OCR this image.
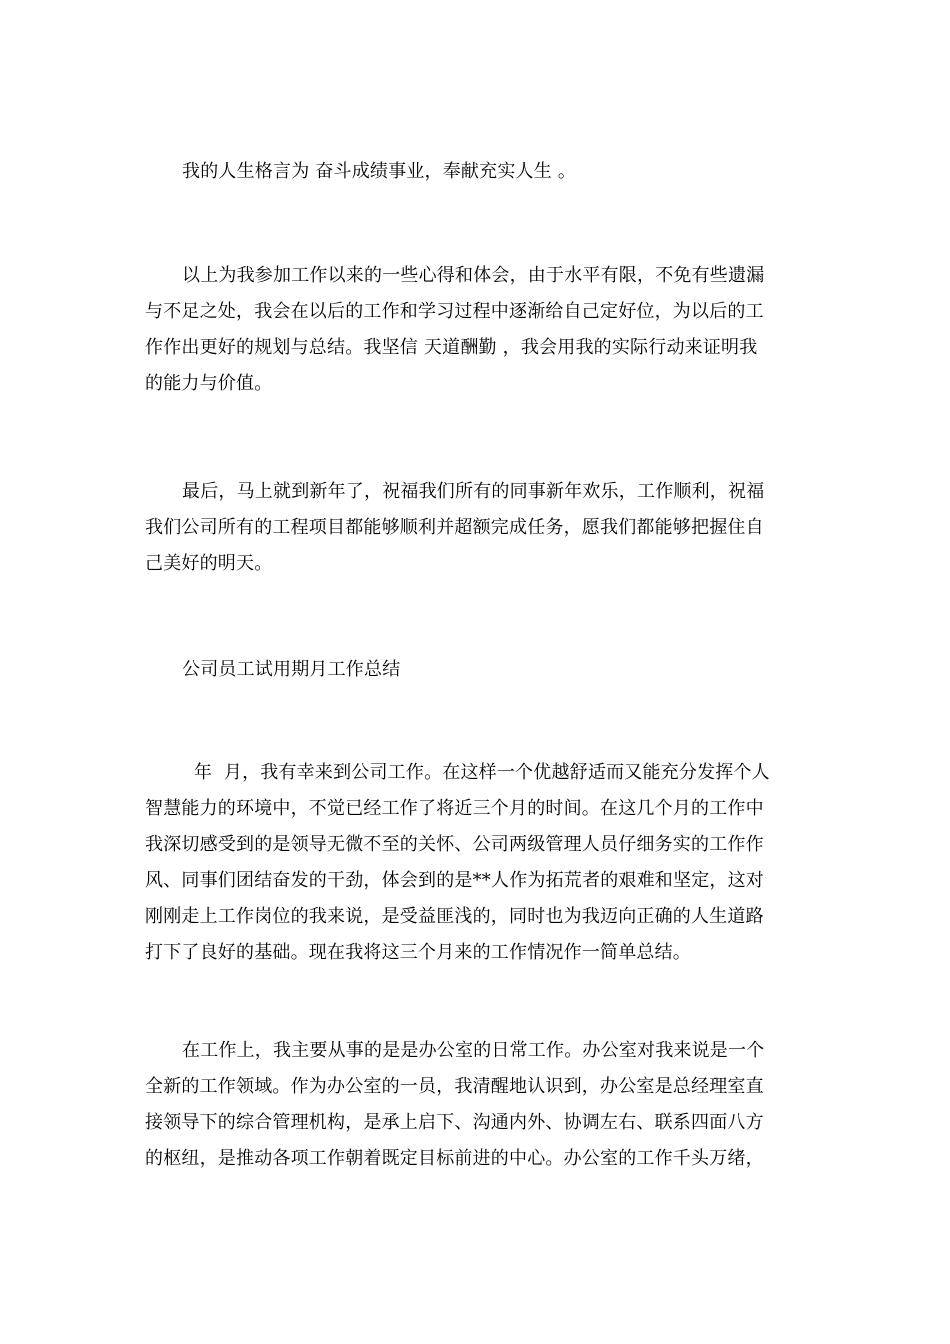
我的人生格言为 奋斗成绩事业，奉献充实人生 。

以上为我参加工作以来的一些心得和体会，由于水平有限，不免有些遗漏
与不足之处，我会在以后的工作和学习过程中逐渐给自己定好位，为以后的工
作作出更好的规划与总结。我坚信 天道酬勤 ，我会用我的实际行动来证明我
的能力与价值。

最后，马上就到新年了，祝福我们所有的同事新年欢乐，工作顺利，祝福
我们公司所有的工程项目都能够顺利并超额完成任务，愿我们都能够把握住自
己美好的明天。

公司员工试用期月工作总结

年  月，我有幸来到公司工作。在这样一个优越舒适而又能充分发挥个人
智慧能力的环境中，不觉已经工作了将近三个月的时间。在这几个月的工作中
我深切感受到的是领导无微不至的关怀、公司两级管理人员仔细务实的工作作
风、同事们团结奋发的干劲，体会到的是**人作为拓荒者的艰难和坚定，这对
刚刚走上工作岗位的我来说，是受益匪浅的，同时也为我迈向正确的人生道路
打下了良好的基础。现在我将这三个月来的工作情况作一简单总结。

在工作上，我主要从事的是是办公室的日常工作。办公室对我来说是一个
全新的工作领域。作为办公室的一员，我清醒地认识到，办公室是总经理室直
接领导下的综合管理机构，是承上启下、沟通内外、协调左右、联系四面八方
的枢纽，是推动各项工作朝着既定目标前进的中心。办公室的工作千头万绪，
